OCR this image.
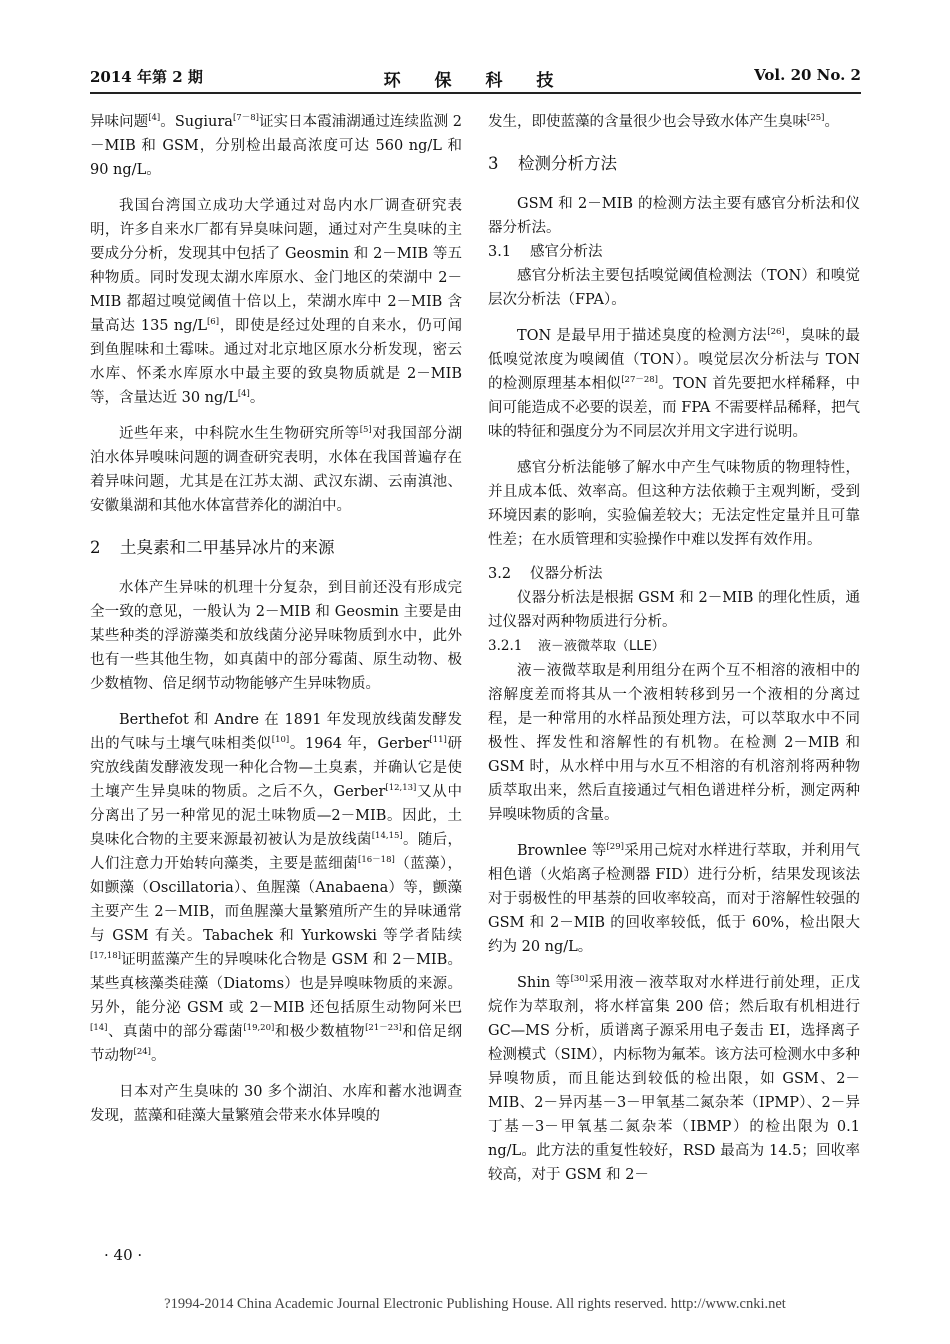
2014 年第 2 期	环 保 科 技	Vol. 20 No. 2

异味问题[4]。Sugiura[7－8]证实日本霞浦湖通过连续监测 2－MIB 和 GSM，分别检出最高浓度可达 560 ng/L 和 90 ng/L。

我国台湾国立成功大学通过对岛内水厂调查研究表明，许多自来水厂都有异臭味问题，通过对产生臭味的主要成分分析，发现其中包括了 Geosmin 和 2－MIB 等五种物质。同时发现太湖水库原水、金门地区的荣湖中 2－MIB 都超过嗅觉阈值十倍以上，荣湖水库中 2－MIB 含量高达 135 ng/L[6]，即使是经过处理的自来水，仍可闻到鱼腥味和土霉味。通过对北京地区原水分析发现，密云水库、怀柔水库原水中最主要的致臭物质就是 2－MIB 等，含量达近 30 ng/L[4]。

近些年来，中科院水生生物研究所等[5]对我国部分湖泊水体异嗅味问题的调查研究表明，水体在我国普遍存在着异味问题，尤其是在江苏太湖、武汉东湖、云南滇池、安徽巢湖和其他水体富营养化的湖泊中。

2 土臭素和二甲基异冰片的来源

水体产生异味的机理十分复杂，到目前还没有形成完全一致的意见，一般认为 2－MIB 和 Geosmin 主要是由某些种类的浮游藻类和放线菌分泌异味物质到水中，此外也有一些其他生物，如真菌中的部分霉菌、原生动物、极少数植物、倍足纲节动物能够产生异味物质。

Berthefot 和 Andre 在 1891 年发现放线菌发酵发出的气味与土壤气味相类似[10]。1964 年，Gerber[11]研究放线菌发酵液发现一种化合物—土臭素，并确认它是使土壤产生异臭味的物质。之后不久，Gerber[12,13]又从中分离出了另一种常见的泥土味物质—2－MIB。因此，土臭味化合物的主要来源最初被认为是放线菌[14,15]。随后，人们注意力开始转向藻类，主要是蓝细菌[16－18]（蓝藻），如颤藻（Oscillatoria）、鱼腥藻（Anabaena）等，颤藻主要产生 2－MIB，而鱼腥藻大量繁殖所产生的异味通常与 GSM 有关。Tabachek 和 Yurkowski 等学者陆续[17,18]证明蓝藻产生的异嗅味化合物是 GSM 和 2－MIB。某些真核藻类硅藻（Diatoms）也是异嗅味物质的来源。另外，能分泌 GSM 或 2－MIB 还包括原生动物阿米巴[14]、真菌中的部分霉菌[19,20]和极少数植物[21－23]和倍足纲节动物[24]。

日本对产生臭味的 30 多个湖泊、水库和蓄水池调查发现，蓝藻和硅藻大量繁殖会带来水体异嗅的

发生，即使蓝藻的含量很少也会导致水体产生臭味[25]。

3 检测分析方法

GSM 和 2－MIB 的检测方法主要有感官分析法和仪器分析法。

3.1 感官分析法

感官分析法主要包括嗅觉阈值检测法（TON）和嗅觉层次分析法（FPA）。

TON 是最早用于描述臭度的检测方法[26]，臭味的最低嗅觉浓度为嗅阈值（TON）。嗅觉层次分析法与 TON 的检测原理基本相似[27－28]。TON 首先要把水样稀释，中间可能造成不必要的误差，而 FPA 不需要样品稀释，把气味的特征和强度分为不同层次并用文字进行说明。

感官分析法能够了解水中产生气味物质的物理特性，并且成本低、效率高。但这种方法依赖于主观判断，受到环境因素的影响，实验偏差较大；无法定性定量并且可靠性差；在水质管理和实验操作中难以发挥有效作用。

3.2 仪器分析法

仪器分析法是根据 GSM 和 2－MIB 的理化性质，通过仪器对两种物质进行分析。

3.2.1 液－液微萃取（LLE）

液－液微萃取是利用组分在两个互不相溶的液相中的溶解度差而将其从一个液相转移到另一个液相的分离过程，是一种常用的水样品预处理方法，可以萃取水中不同极性、挥发性和溶解性的有机物。在检测 2－MIB 和 GSM 时，从水样中用与水互不相溶的有机溶剂将两种物质萃取出来，然后直接通过气相色谱进样分析，测定两种异嗅味物质的含量。

Brownlee 等[29]采用己烷对水样进行萃取，并利用气相色谱（火焰离子检测器 FID）进行分析，结果发现该法对于弱极性的甲基萘的回收率较高，而对于溶解性较强的 GSM 和 2－MIB 的回收率较低，低于 60%，检出限大约为 20 ng/L。

Shin 等[30]采用液－液萃取对水样进行前处理，正戊烷作为萃取剂，将水样富集 200 倍；然后取有机相进行 GC—MS 分析，质谱离子源采用电子轰击 EI，选择离子检测模式（SIM），内标物为氟苯。该方法可检测水中多种异嗅物质，而且能达到较低的检出限，如 GSM、2－MIB、2－异丙基－3－甲氧基二氮杂苯（IPMP）、2－异丁基－3－甲氧基二氮杂苯（IBMP）的检出限为 0.1 ng/L。此方法的重复性较好，RSD 最高为 14.5；回收率较高，对于 GSM 和 2－

· 40 ·
?1994-2014 China Academic Journal Electronic Publishing House. All rights reserved. http://www.cnki.net
